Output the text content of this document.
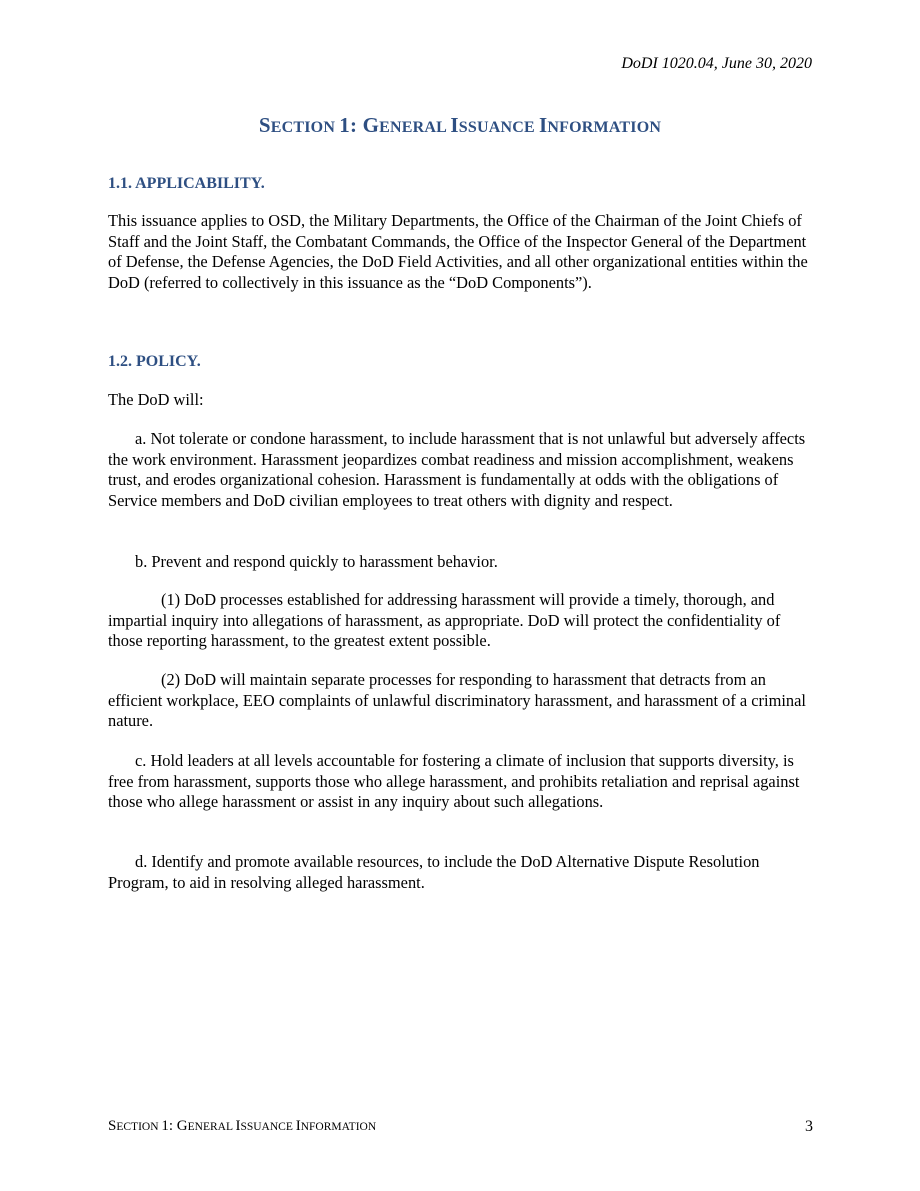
DoDI 1020.04, June 30, 2020
SECTION 1: GENERAL ISSUANCE INFORMATION
1.1. APPLICABILITY.

This issuance applies to OSD, the Military Departments, the Office of the Chairman of the Joint Chiefs of Staff and the Joint Staff, the Combatant Commands, the Office of the Inspector General of the Department of Defense, the Defense Agencies, the DoD Field Activities, and all other organizational entities within the DoD (referred to collectively in this issuance as the “DoD Components”).

1.2. POLICY.

The DoD will:

a. Not tolerate or condone harassment, to include harassment that is not unlawful but adversely affects the work environment. Harassment jeopardizes combat readiness and mission accomplishment, weakens trust, and erodes organizational cohesion. Harassment is fundamentally at odds with the obligations of Service members and DoD civilian employees to treat others with dignity and respect.

b. Prevent and respond quickly to harassment behavior.

(1) DoD processes established for addressing harassment will provide a timely, thorough, and impartial inquiry into allegations of harassment, as appropriate. DoD will protect the confidentiality of those reporting harassment, to the greatest extent possible.

(2) DoD will maintain separate processes for responding to harassment that detracts from an efficient workplace, EEO complaints of unlawful discriminatory harassment, and harassment of a criminal nature.

c. Hold leaders at all levels accountable for fostering a climate of inclusion that supports diversity, is free from harassment, supports those who allege harassment, and prohibits retaliation and reprisal against those who allege harassment or assist in any inquiry about such allegations.

d. Identify and promote available resources, to include the DoD Alternative Dispute Resolution Program, to aid in resolving alleged harassment.

SECTION 1: GENERAL ISSUANCE INFORMATION	3
